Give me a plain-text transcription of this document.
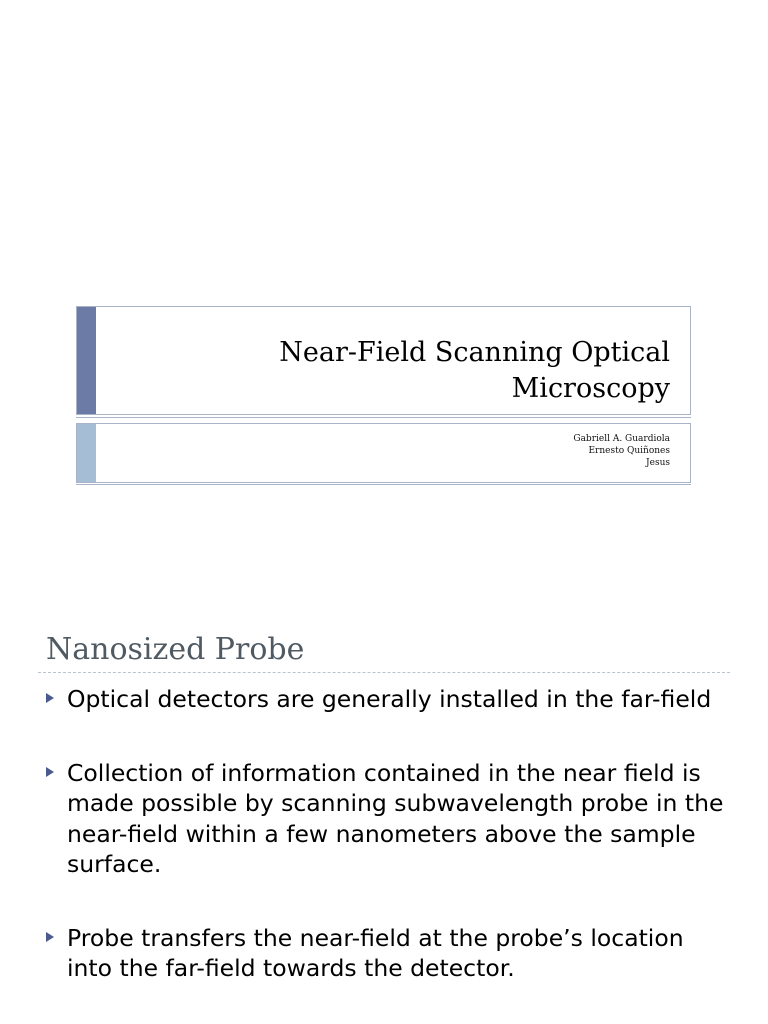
Near-Field Scanning Optical
Microscopy
Gabriell A. Guardiola
Ernesto Quiñones
Jesus
Nanosized Probe
Optical detectors are generally installed in the far-field
Collection of information contained in the near field is made possible by scanning subwavelength probe in the near-field within a few nanometers above the sample surface.
Probe transfers the near-field at the probe’s location into the far-field towards the detector.
